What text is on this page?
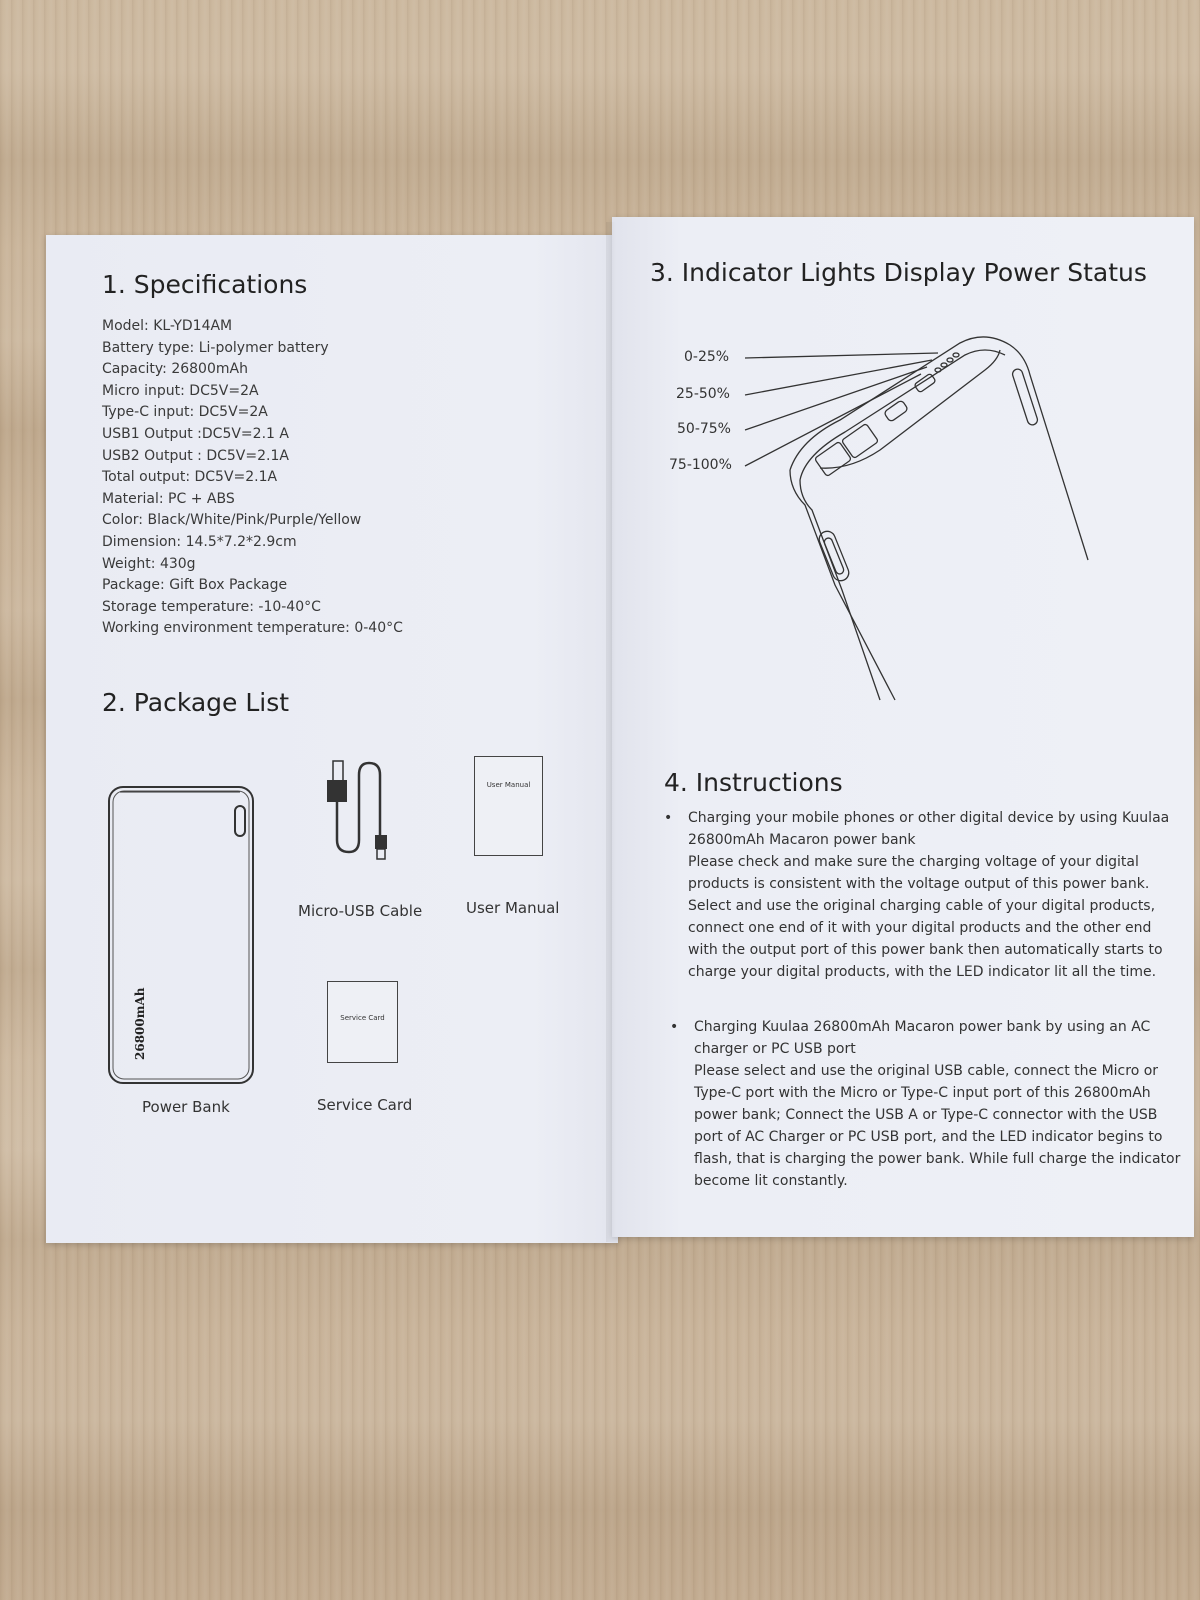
1. Specifications
Model: KL-YD14AM
Battery type: Li-polymer battery
Capacity: 26800mAh
Micro input: DC5V=2A
Type-C input: DC5V=2A
USB1 Output :DC5V=2.1 A
USB2 Output : DC5V=2.1A
Total output: DC5V=2.1A
Material: PC + ABS
Color: Black/White/Pink/Purple/Yellow
Dimension: 14.5*7.2*2.9cm
Weight: 430g
Package: Gift Box Package
Storage temperature: -10-40°C
Working environment temperature: 0-40°C
2. Package List
26800mAh
Power Bank
Micro-USB Cable
User Manual
User Manual
Service Card
Service Card
3. Indicator Lights Display Power Status
0-25%
25-50%
50-75%
75-100%
4. Instructions
• Charging your mobile phones or other digital device by using Kuulaa
26800mAh Macaron power bank
Please check and make sure the charging voltage of your digital
products is consistent with the voltage output of this power bank.
Select and use the original charging cable of your digital products,
connect one end of it with your digital products and the other end
with the output port of this power bank then automatically starts to
charge your digital products, with the LED indicator lit all the time.
• Charging Kuulaa 26800mAh Macaron power bank by using an AC
charger or PC USB port
Please select and use the original USB cable, connect the Micro or
Type-C port with the Micro or Type-C input port of this 26800mAh
power bank; Connect the USB A or Type-C connector with the USB
port of AC Charger or PC USB port, and the LED indicator begins to
flash, that is charging the power bank. While full charge the indicator
become lit constantly.
